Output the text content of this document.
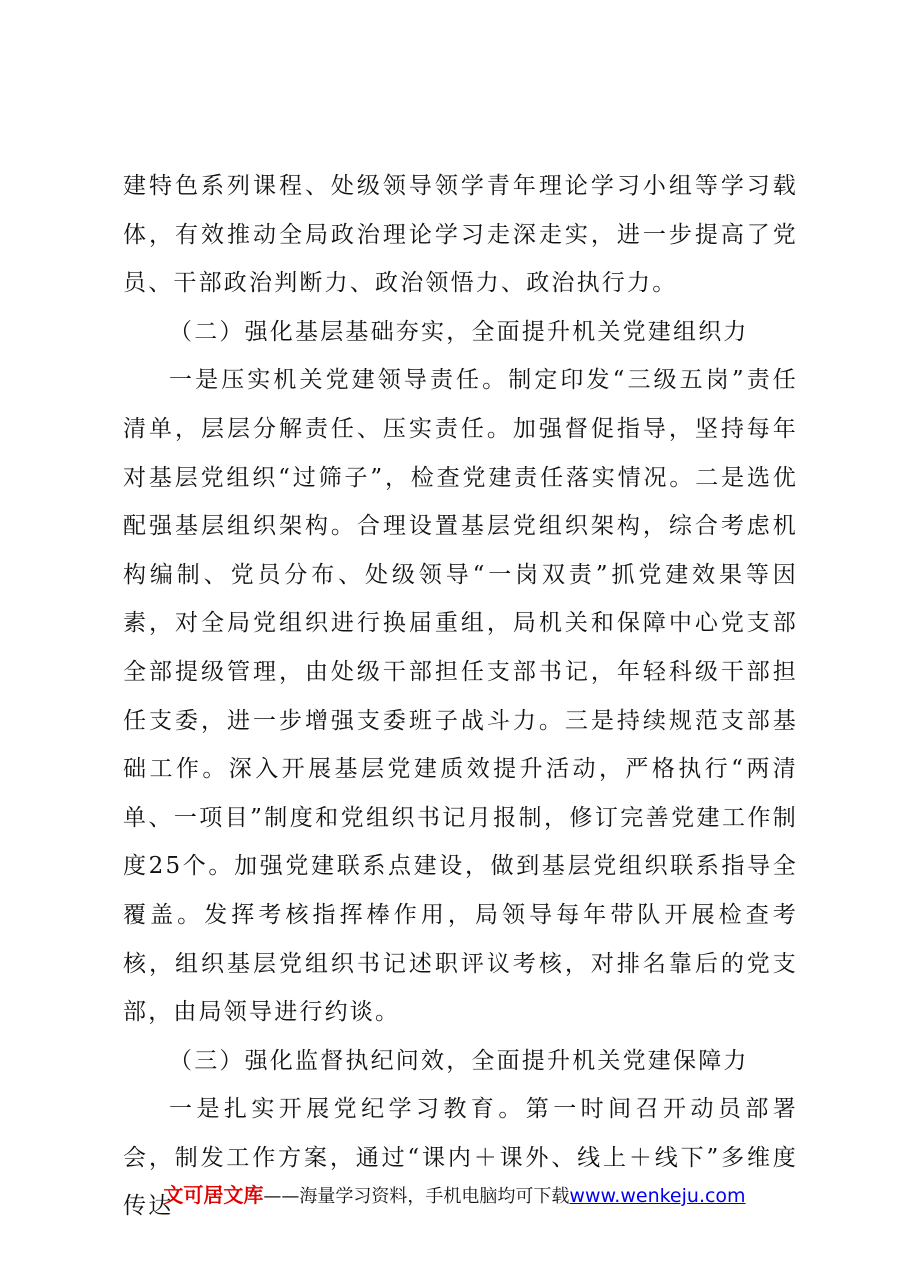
建特色系列课程、处级领导领学青年理论学习小组等学习载体，有效推动全局政治理论学习走深走实，进一步提高了党员、干部政治判断力、政治领悟力、政治执行力。

（二）强化基层基础夯实，全面提升机关党建组织力

一是压实机关党建领导责任。制定印发“三级五岗”责任清单，层层分解责任、压实责任。加强督促指导，坚持每年对基层党组织“过筛子”，检查党建责任落实情况。二是选优配强基层组织架构。合理设置基层党组织架构，综合考虑机构编制、党员分布、处级领导“一岗双责”抓党建效果等因素，对全局党组织进行换届重组，局机关和保障中心党支部全部提级管理，由处级干部担任支部书记，年轻科级干部担任支委，进一步增强支委班子战斗力。三是持续规范支部基础工作。深入开展基层党建质效提升活动，严格执行“两清单、一项目”制度和党组织书记月报制，修订完善党建工作制度25个。加强党建联系点建设，做到基层党组织联系指导全覆盖。发挥考核指挥棒作用，局领导每年带队开展检查考核，组织基层党组织书记述职评议考核，对排名靠后的党支部，由局领导进行约谈。

（三）强化监督执纪问效，全面提升机关党建保障力

一是扎实开展党纪学习教育。第一时间召开动员部署会，制发工作方案，通过“课内＋课外、线上＋线下”多维度传达

文可居文库——海量学习资料，手机电脑均可下载www.wenkeju.com
